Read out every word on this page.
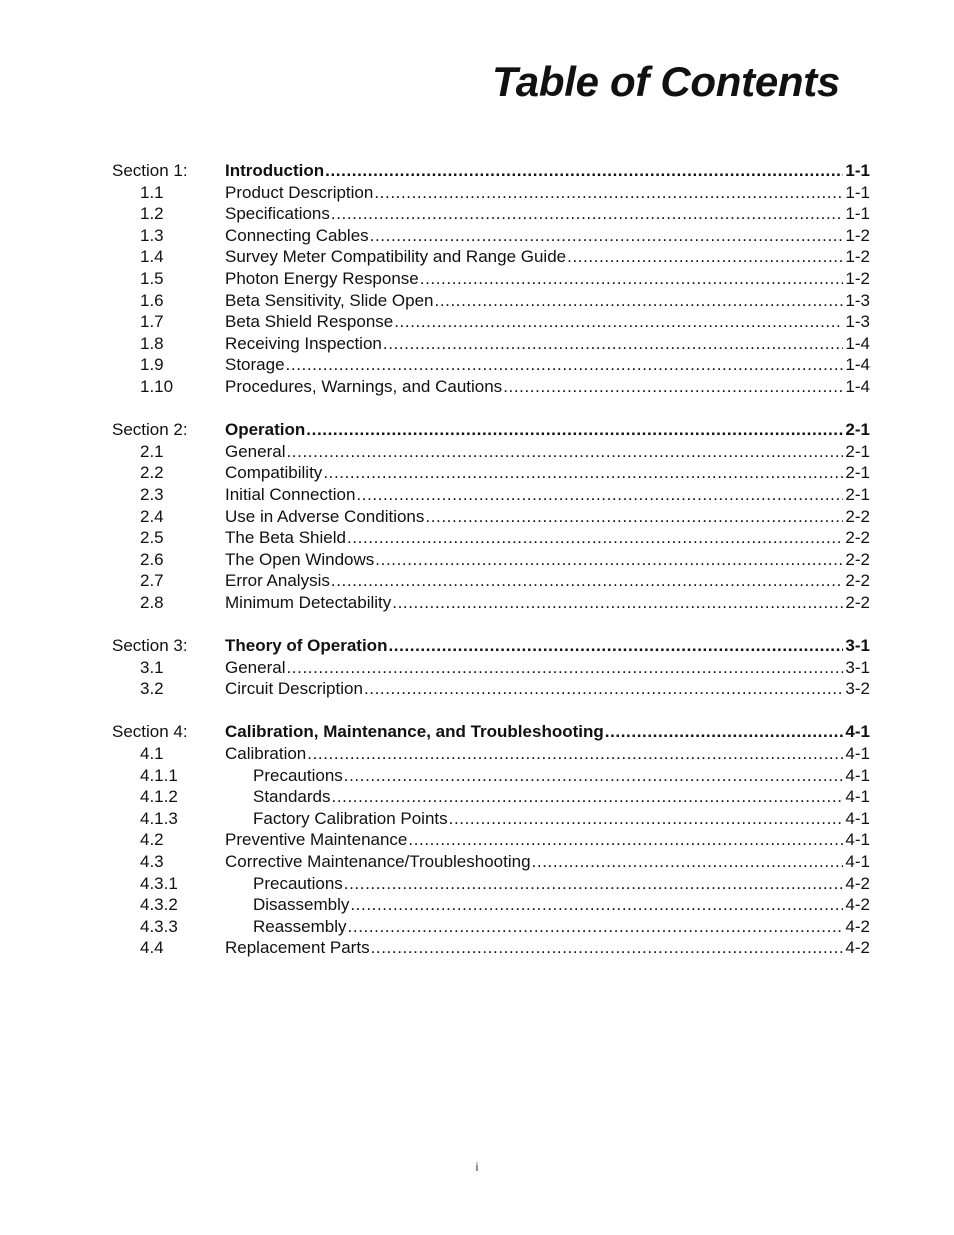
Table of Contents
Section 1: Introduction .....	1-1
1.1	Product Description .....	1-1
1.2	Specifications .....	1-1
1.3	Connecting Cables .....	1-2
1.4	Survey Meter Compatibility and Range Guide .....	1-2
1.5	Photon Energy Response .....	1-2
1.6	Beta Sensitivity, Slide Open .....	1-3
1.7	Beta Shield Response .....	1-3
1.8	Receiving Inspection .....	1-4
1.9	Storage .....	1-4
1.10	Procedures, Warnings, and Cautions .....	1-4
Section 2: Operation .....	2-1
2.1	General .....	2-1
2.2	Compatibility .....	2-1
2.3	Initial Connection .....	2-1
2.4	Use in Adverse Conditions .....	2-2
2.5	The Beta Shield .....	2-2
2.6	The Open Windows .....	2-2
2.7	Error Analysis .....	2-2
2.8	Minimum Detectability .....	2-2
Section 3: Theory of Operation .....	3-1
3.1	General .....	3-1
3.2	Circuit Description .....	3-2
Section 4: Calibration, Maintenance, and Troubleshooting .....	4-1
4.1	Calibration .....	4-1
4.1.1	Precautions .....	4-1
4.1.2	Standards .....	4-1
4.1.3	Factory Calibration Points .....	4-1
4.2	Preventive Maintenance .....	4-1
4.3	Corrective Maintenance/Troubleshooting .....	4-1
4.3.1	Precautions .....	4-2
4.3.2	Disassembly .....	4-2
4.3.3	Reassembly .....	4-2
4.4	Replacement Parts .....	4-2
i
